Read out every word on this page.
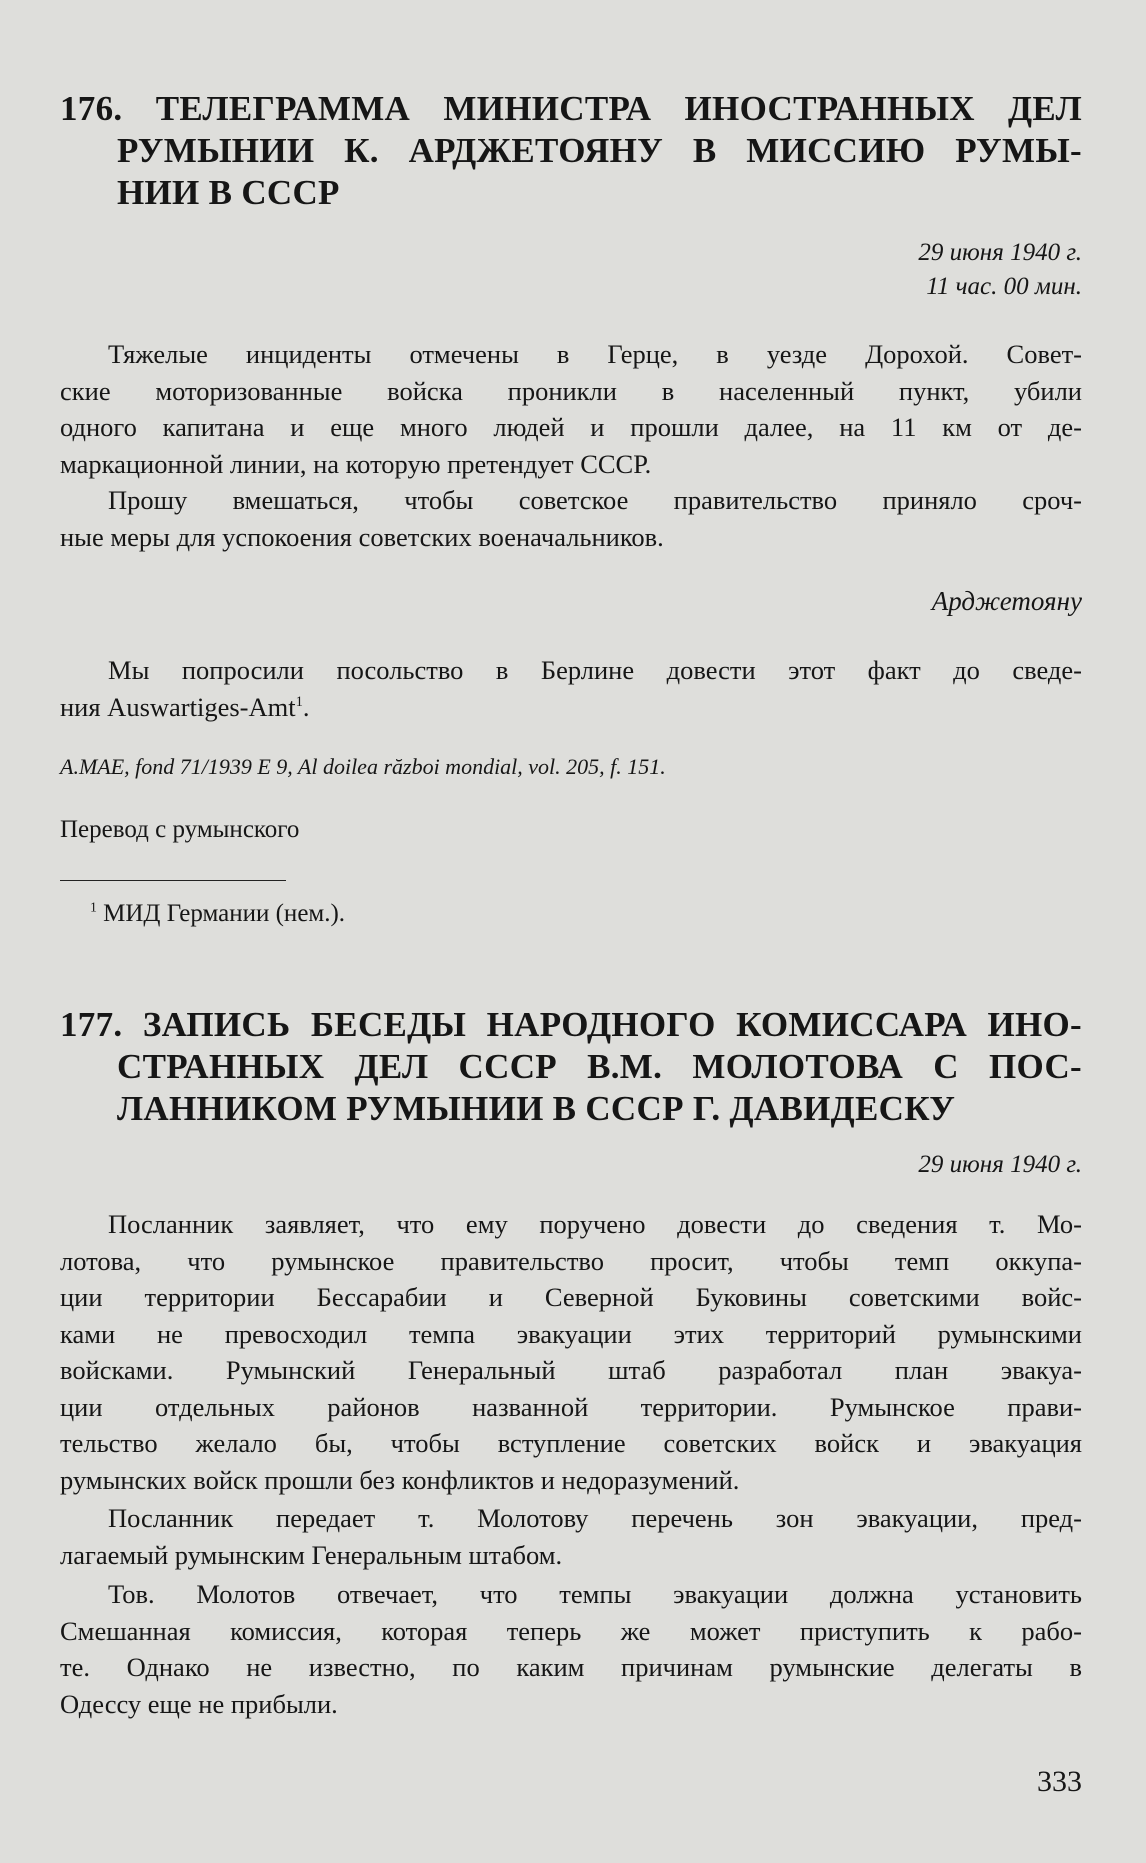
176. ТЕЛЕГРАММА МИНИСТРА ИНОСТРАННЫХ ДЕЛ
РУМЫНИИ К. АРДЖЕТОЯНУ В МИССИЮ РУМЫ-
НИИ В СССР
29 июня 1940 г.
11 час. 00 мин.
Тяжелые инциденты отмечены в Герце, в уезде Дорохой. Совет-
ские моторизованные войска проникли в населенный пункт, убили
одного капитана и еще много людей и прошли далее, на 11 км от де-
маркационной линии, на которую претендует СССР.
Прошу вмешаться, чтобы советское правительство приняло сроч-
ные меры для успокоения советских военачальников.
Арджетояну
Мы попросили посольство в Берлине довести этот факт до сведе-
ния Auswartiges-Amt$^1$.
A.MAE, fond 71/1939 E 9, Al doilea război mondial, vol. 205, f. 151.
Перевод с румынского
$^1$ МИД Германии (нем.).
177. ЗАПИСЬ БЕСЕДЫ НАРОДНОГО КОМИССАРА ИНО-
СТРАННЫХ ДЕЛ СССР В.М. МОЛОТОВА С ПОС-
ЛАННИКОМ РУМЫНИИ В СССР Г. ДАВИДЕСКУ
29 июня 1940 г.
Посланник заявляет, что ему поручено довести до сведения т. Мо-
лотова, что румынское правительство просит, чтобы темп оккупа-
ции территории Бессарабии и Северной Буковины советскими войс-
ками не превосходил темпа эвакуации этих территорий румынскими
войсками. Румынский Генеральный штаб разработал план эвакуа-
ции отдельных районов названной территории. Румынское прави-
тельство желало бы, чтобы вступление советских войск и эвакуация
румынских войск прошли без конфликтов и недоразумений.
Посланник передает т. Молотову перечень зон эвакуации, пред-
лагаемый румынским Генеральным штабом.
Тов. Молотов отвечает, что темпы эвакуации должна установить
Смешанная комиссия, которая теперь же может приступить к рабо-
те. Однако не известно, по каким причинам румынские делегаты в
Одессу еще не прибыли.
333
